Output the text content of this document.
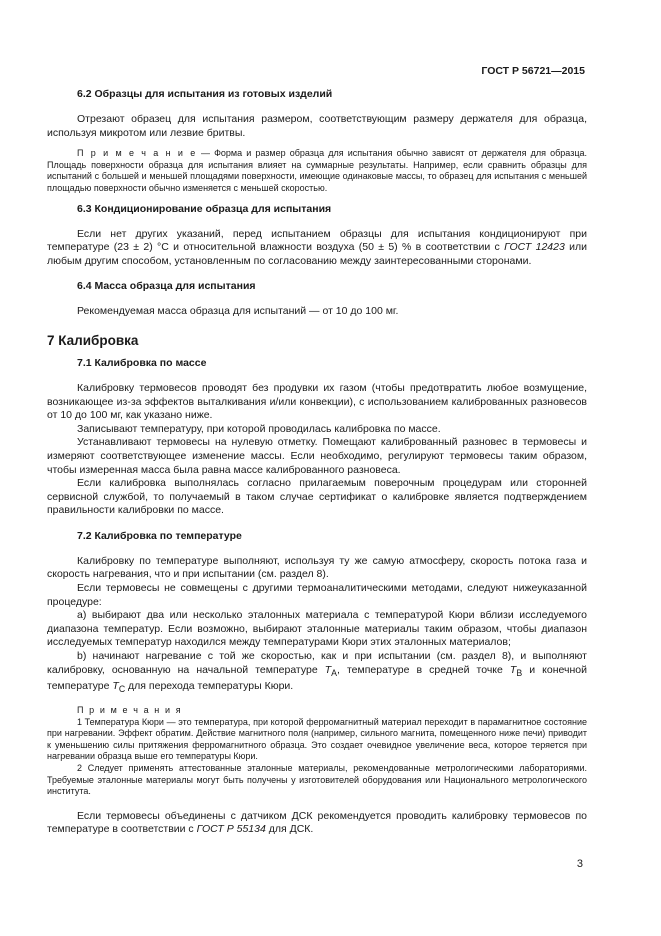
ГОСТ Р 56721—2015
6.2 Образцы для испытания из готовых изделий

Отрезают образец для испытания размером, соответствующим размеру держателя для образца, используя микротом или лезвие бритвы.

П р и м е ч а н и е — Форма и размер образца для испытания обычно зависят от держателя для образца. Площадь поверхности образца для испытания влияет на суммарные результаты. Например, если сравнить образцы для испытаний с большей и меньшей площадями поверхности, имеющие одинаковые массы, то образец для испытания с меньшей площадью поверхности обычно изменяется с меньшей скоростью.

6.3 Кондиционирование образца для испытания

Если нет других указаний, перед испытанием образцы для испытания кондиционируют при температуре (23 ± 2) °С и относительной влажности воздуха (50 ± 5) % в соответствии с ГОСТ 12423 или любым другим способом, установленным по согласованию между заинтересованными сторонами.

6.4 Масса образца для испытания

Рекомендуемая масса образца для испытаний — от 10 до 100 мг.

7 Калибровка
7.1 Калибровка по массе

Калибровку термовесов проводят без продувки их газом (чтобы предотвратить любое возмущение, возникающее из-за эффектов выталкивания и/или конвекции), с использованием калиброванных разновесов от 10 до 100 мг, как указано ниже.

Записывают температуру, при которой проводилась калибровка по массе.

Устанавливают термовесы на нулевую отметку. Помещают калиброванный разновес в термовесы и измеряют соответствующее изменение массы. Если необходимо, регулируют термовесы таким образом, чтобы измеренная масса была равна массе калиброванного разновеса.

Если калибровка выполнялась согласно прилагаемым поверочным процедурам или сторонней сервисной службой, то получаемый в таком случае сертификат о калибровке является подтверждением правильности калибровки по массе.

7.2 Калибровка по температуре

Калибровку по температуре выполняют, используя ту же самую атмосферу, скорость потока газа и скорость нагревания, что и при испытании (см. раздел 8).

Если термовесы не совмещены с другими термоаналитическими методами, следуют нижеуказанной процедуре:

а) выбирают два или несколько эталонных материала с температурой Кюри вблизи исследуемого диапазона температур. Если возможно, выбирают эталонные материалы таким образом, чтобы диапазон исследуемых температур находился между температурами Кюри этих эталонных материалов;

b) начинают нагревание с той же скоростью, как и при испытании (см. раздел 8), и выполняют калибровку, основанную на начальной температуре $T_A$, температуре в средней точке $T_B$ и конечной температуре $T_C$ для перехода температуры Кюри.

П р и м е ч а н и я

1 Температура Кюри — это температура, при которой ферромагнитный материал переходит в парамагнитное состояние при нагревании. Эффект обратим. Действие магнитного поля (например, сильного магнита, помещенного ниже печи) приводит к уменьшению силы притяжения ферромагнитного образца. Это создает очевидное увеличение веса, которое теряется при нагревании образца выше его температуры Кюри.

2 Следует применять аттестованные эталонные материалы, рекомендованные метрологическими лабораториями. Требуемые эталонные материалы могут быть получены у изготовителей оборудования или Национального метрологического института.

Если термовесы объединены с датчиком ДСК рекомендуется проводить калибровку термовесов по температуре в соответствии с ГОСТ Р 55134 для ДСК.

3
